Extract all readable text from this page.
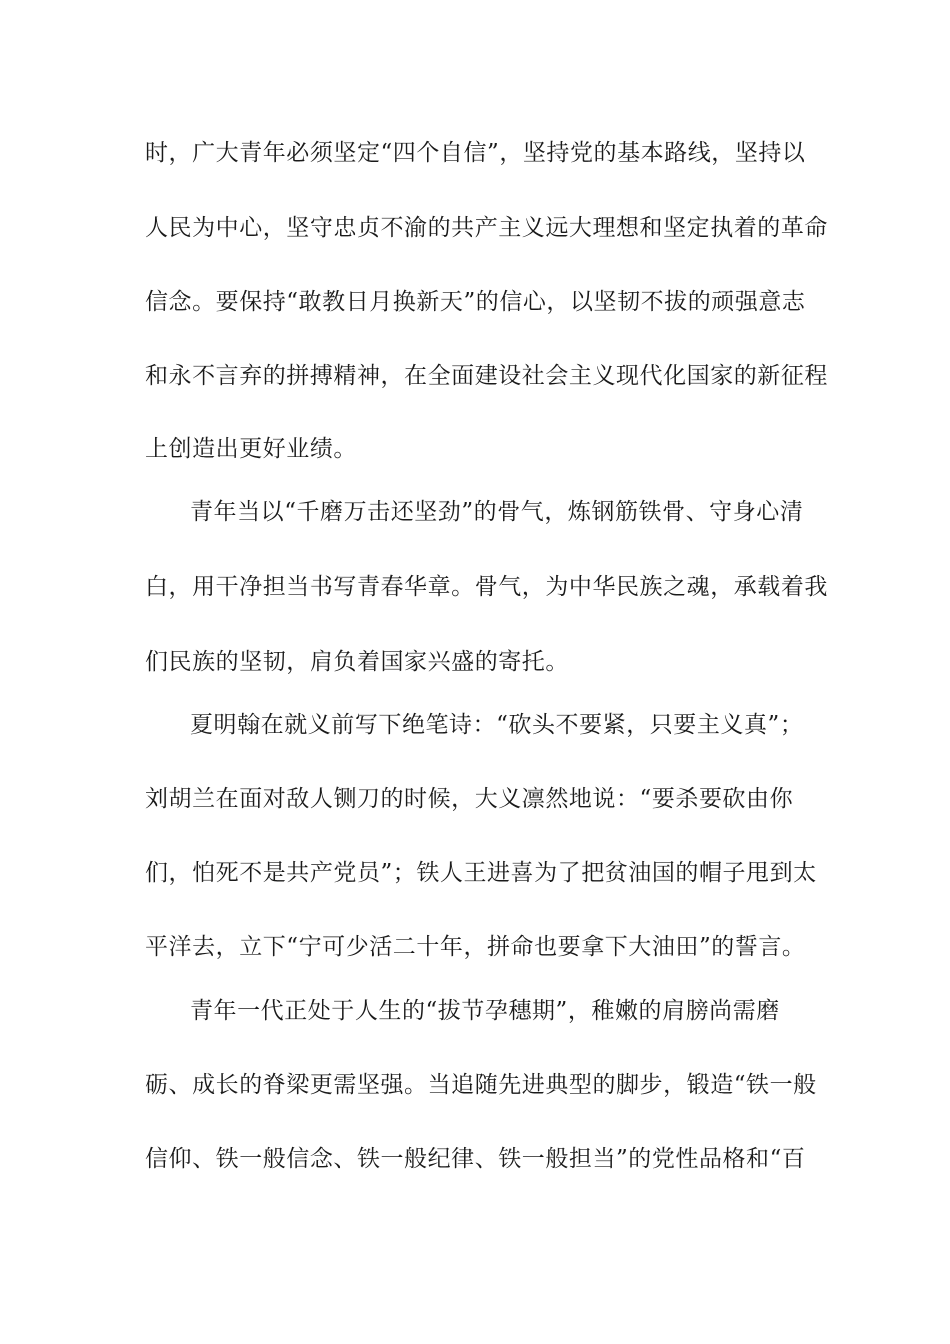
时，广大青年必须坚定“四个自信”，坚持党的基本路线，坚持以
人民为中心，坚守忠贞不渝的共产主义远大理想和坚定执着的革命
信念。要保持“敢教日月换新天”的信心，以坚韧不拔的顽强意志
和永不言弃的拼搏精神，在全面建设社会主义现代化国家的新征程
上创造出更好业绩。
青年当以“千磨万击还坚劲”的骨气，炼钢筋铁骨、守身心清
白，用干净担当书写青春华章。骨气，为中华民族之魂，承载着我
们民族的坚韧，肩负着国家兴盛的寄托。
夏明翰在就义前写下绝笔诗：“砍头不要紧，只要主义真”；
刘胡兰在面对敌人铡刀的时候，大义凛然地说：“要杀要砍由你
们，怕死不是共产党员”；铁人王进喜为了把贫油国的帽子甩到太
平洋去，立下“宁可少活二十年，拼命也要拿下大油田”的誓言。
青年一代正处于人生的“拔节孕穗期”，稚嫩的肩膀尚需磨
砺、成长的脊梁更需坚强。当追随先进典型的脚步，锻造“铁一般
信仰、铁一般信念、铁一般纪律、铁一般担当”的党性品格和“百
